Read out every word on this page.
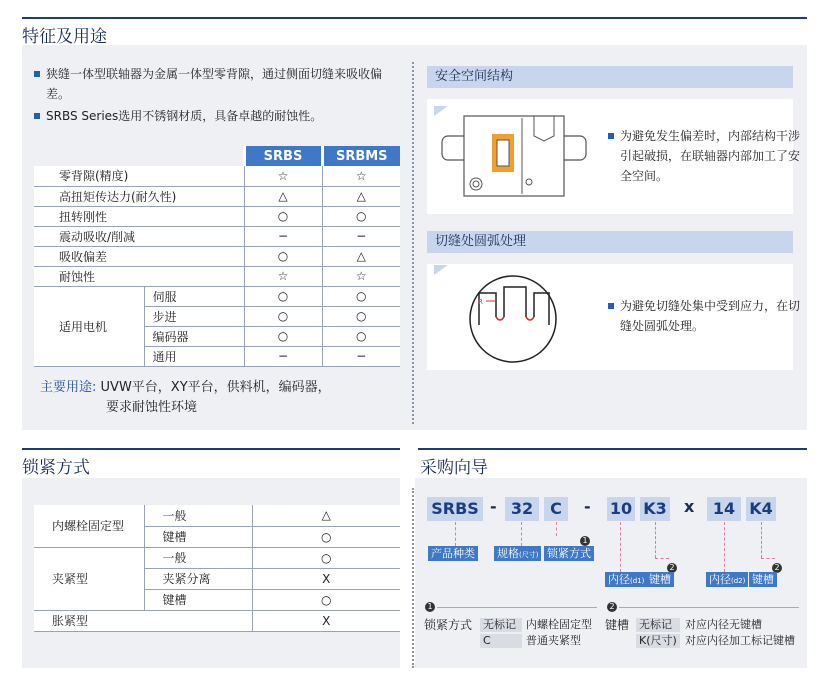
特征及用途
狭缝一体型联轴器为金属一体型零背隙，通过侧面切缝来吸收偏差。
SRBS Series选用不锈钢材质，具备卓越的耐蚀性。
		SRBS	SRBMS
零背隙(精度)		☆	☆
高扭矩传达力(耐久性)		△	△
扭转刚性		○	○
震动吸收/削减		−	−
吸收偏差		○	△
耐蚀性		☆	☆
适用电机	伺服	○	○
	步进	○	○
	编码器	○	○
	通用	−	−
主要用途: UVW平台，XY平台，供料机，编码器，
要求耐蚀性环境
安全空间结构
为避免发生偏差时，内部结构干涉引起破损，在联轴器内部加工了安全空间。
切缝处圆弧处理
R	为避免切缝处集中受到应力，在切缝处圆弧处理。
锁紧方式
内螺栓固定型	一般	△
	键槽	○
夹紧型	一般	○
	夹紧分离	X
	键槽	○
胀紧型		X
采购向导
SRBS - 32	C	- 10 K3 x	14 K4
1
产品种类 规格(尺寸) 锁紧方式
2	2
内径(d1) 键槽	内径(d2) 键槽
1	2
锁紧方式 无标记 内螺栓固定型
C	普通夹紧型
键槽 无标记	对应内径无键槽
K(尺寸) 对应内径加工标记键槽
